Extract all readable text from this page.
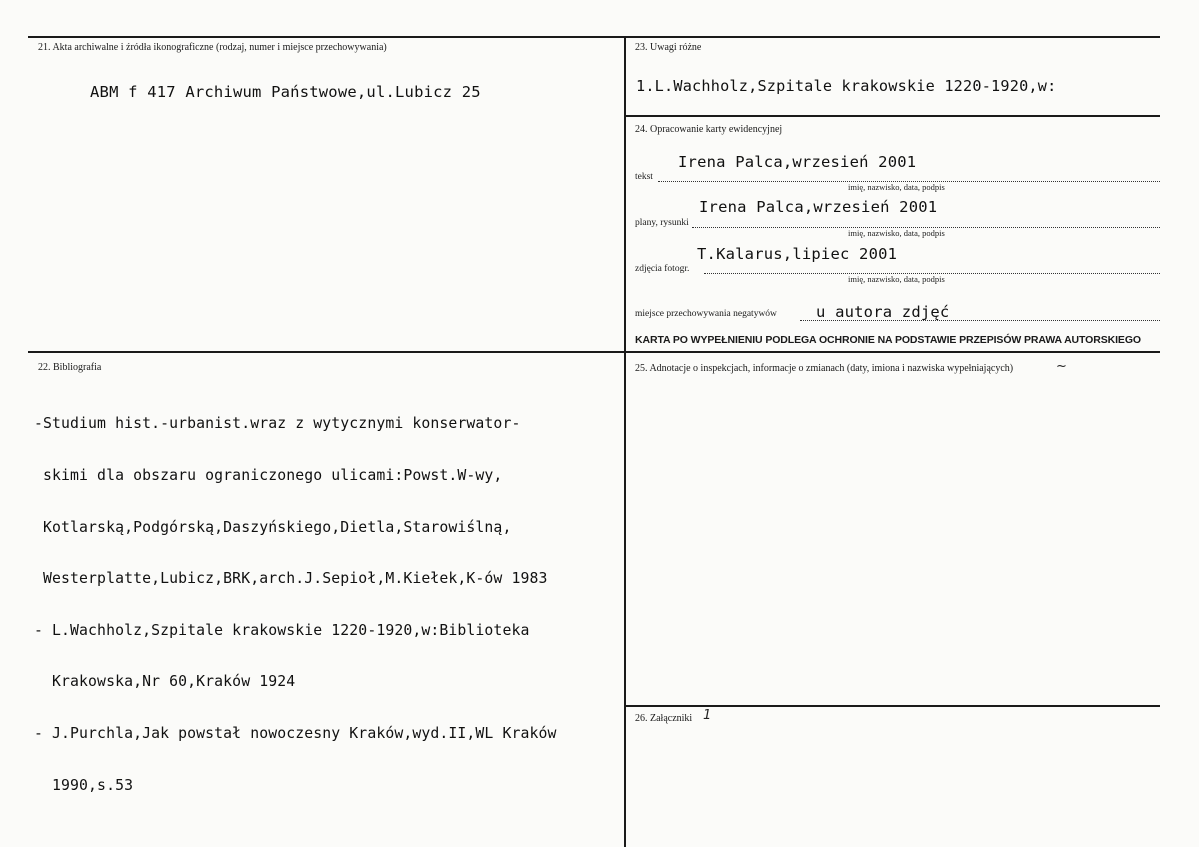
21. Akta archiwalne i źródła ikonograficzne (rodzaj, numer i miejsce przechowywania)
ABM f 417 Archiwum Państwowe,ul.Lubicz 25
22. Bibliografia

-Studium hist.-urbanist.wraz z wytycznymi konserwator-

skimi dla obszaru ograniczonego ulicami:Powst.W-wy,

Kotlarską,Podgórską,Daszyńskiego,Dietla,Starowiślną,

Westerplatte,Lubicz,BRK,arch.J.Sepioł,M.Kiełek,K-ów 1983

- L.Wachholz,Szpitale krakowskie 1220-1920,w:Biblioteka

Krakowska,Nr 60,Kraków 1924

- J.Purchla,Jak powstał nowoczesny Kraków,wyd.II,WL Kraków

1990,s.53

23. Uwagi różne
1.L.Wachholz,Szpitale krakowskie 1220-1920,w:
24. Opracowanie karty ewidencyjnej
Irena Palca,wrzesień 2001
tekst
imię, nazwisko, data, podpis
Irena Palca,wrzesień 2001
plany, rysunki
imię, nazwisko, data, podpis
T.Kalarus,lipiec 2001
zdjęcia fotogr.
imię, nazwisko, data, podpis
miejsce przechowywania negatywów	u autora zdjęć
KARTA PO WYPEŁNIENIU PODLEGA OCHRONIE NA PODSTAWIE PRZEPISÓW PRAWA AUTORSKIEGO
25. Adnotacje o inspekcjach, informacje o zmianach (daty, imiona i nazwiska wypełniających)	~
26. Załączniki 1
